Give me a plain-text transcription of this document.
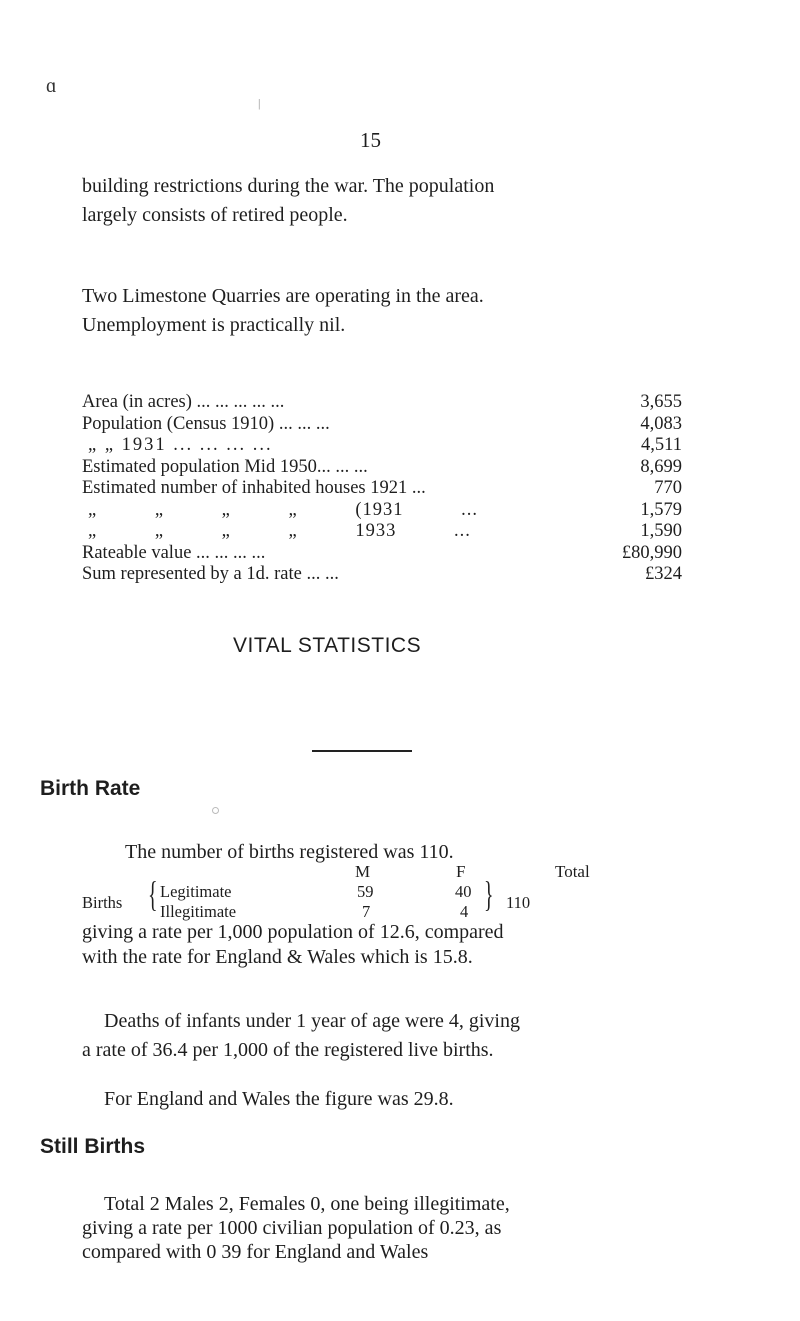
ɑ
|
15
building restrictions during the war. The population
largely consists of retired people.
Two Limestone Quarries are operating in the area.
Unemployment is practically nil.
Area (in acres) ... ... ... ... ...	3,655
Population (Census 1910) ... ... ...	4,083
„ „ 1931 ... ... ... ...	4,511
Estimated population Mid 1950... ... ...	8,699
Estimated number of inhabited houses 1921 ...	770
„ „ „ „ (1931 ...	1,579
„ „ „ „ 1933 ...	1,590
Rateable value ... ... ... ...	£80,990
Sum represented by a 1d. rate ... ...	£324
VITAL STATISTICS
Birth Rate
The number of births registered was 110.
M	F	Total
Births { Legitimate	59	40
Illegitimate	7	4 } 110
giving a rate per 1,000 population of 12.6, compared
with the rate for England & Wales which is 15.8.
Deaths of infants under 1 year of age were 4, giving
a rate of 36.4 per 1,000 of the registered live births.
For England and Wales the figure was 29.8.
Still Births
Total 2 Males 2, Females 0, one being illegitimate,
giving a rate per 1000 civilian population of 0.23, as
compared with 0 39 for England and Wales
